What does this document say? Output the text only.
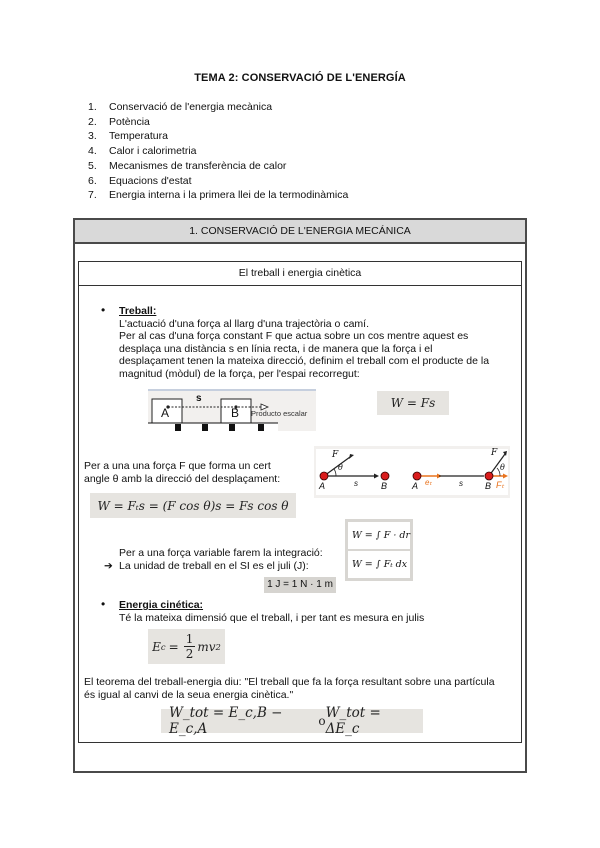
TEMA 2: CONSERVACIÓ DE L'ENERGÍA
1.	Conservació de l'energia mecànica
2.	Potència
3.	Temperatura
4.	Calor i calorimetria
5.	Mecanismes de transferència de calor
6.	Equacions d'estat
7.	Energia interna i la primera llei de la termodinàmica
1. CONSERVACIÓ DE L'ENERGIA MECÁNICA
El treball i energia cinètica
• Treball:
L'actuació d'una força al llarg d'una trajectòria o camí.
Per al cas d'una força constant F que actua sobre un cos mentre aquest es
desplaça una distància s en línia recta, i de manera que la força i el
desplaçament tenen la mateixa direcció, definim el treball com el producte de la
magnitud (mòdul) de la força, per l'espai recorregut:
A	B
s
Producto escalar
W = Fs
Per a una una força F que forma un cert
angle θ amb la direcció del desplaçament:
W = Fₜs = (F cos θ)s = Fs cos θ
F
θ
A	s	B	A eₜ	s B
F
θ
Fₜ
Per a una força variable farem la integració:
➔ La unidad de treball en el SI es el juli (J):
1 J = 1 N · 1 m
W = ∫ F · dr
W = ∫ Fₜ dx
• Energia cinética:
Té la mateixa dimensió que el treball, i per tant es mesura en julis
E $c = \frac{1}{2}$ mv 2
El teorema del treball-energia diu: "El treball que fa la força resultant sobre una partícula
és igual al canvi de la seua energia cinètica."
W_tot = E_c,B − E_c,A	o W_tot = ΔE_c
